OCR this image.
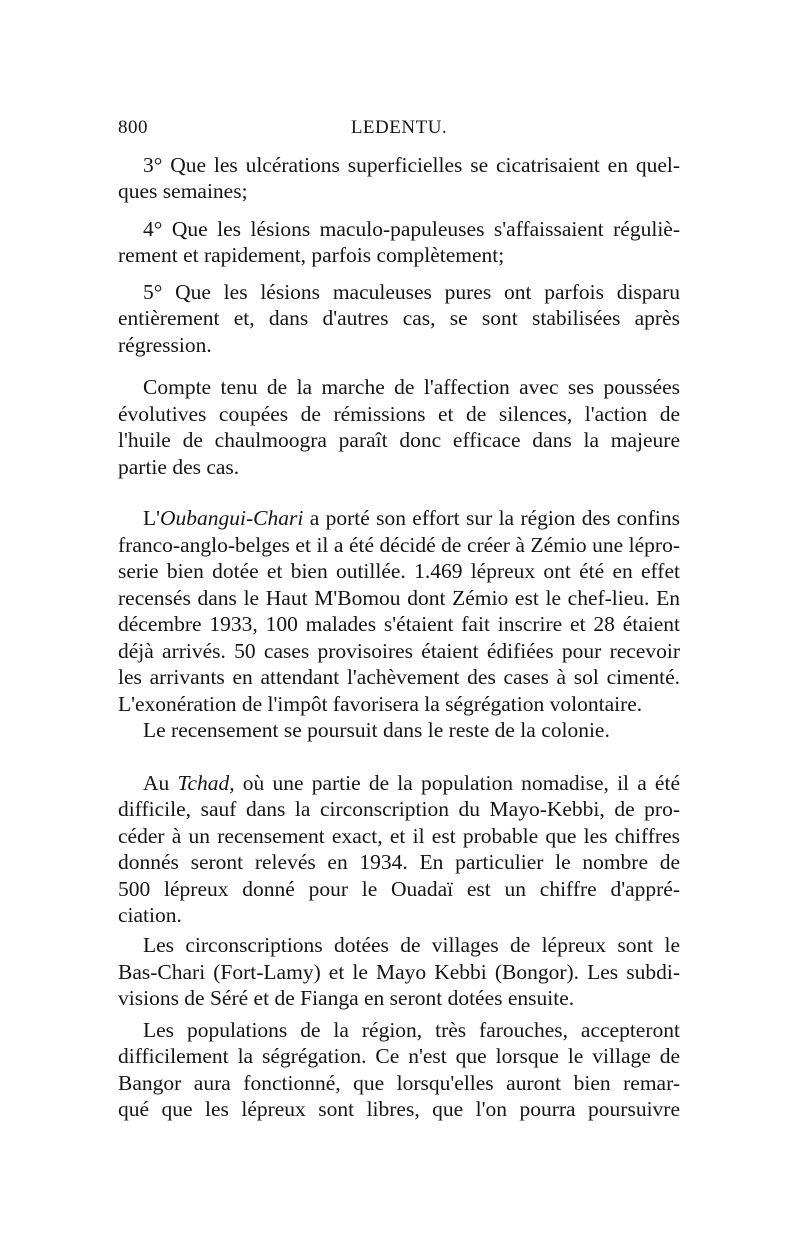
800	LEDENTU.
3° Que les ulcérations superficielles se cicatrisaient en quel-
ques semaines;
4° Que les lésions maculo-papuleuses s'affaissaient réguliè-
rement et rapidement, parfois complètement;
5° Que les lésions maculeuses pures ont parfois disparu
entièrement et, dans d'autres cas, se sont stabilisées après
régression.
Compte tenu de la marche de l'affection avec ses poussées
évolutives coupées de rémissions et de silences, l'action de
l'huile de chaulmoogra paraît donc efficace dans la majeure
partie des cas.
L'Oubangui-Chari a porté son effort sur la région des confins
franco-anglo-belges et il a été décidé de créer à Zémio une lépro-
serie bien dotée et bien outillée. 1.469 lépreux ont été en effet
recensés dans le Haut M'Bomou dont Zémio est le chef-lieu. En
décembre 1933, 100 malades s'étaient fait inscrire et 28 étaient
déjà arrivés. 50 cases provisoires étaient édifiées pour recevoir
les arrivants en attendant l'achèvement des cases à sol cimenté.
L'exonération de l'impôt favorisera la ségrégation volontaire.
Le recensement se poursuit dans le reste de la colonie.
Au Tchad, où une partie de la population nomadise, il a été
difficile, sauf dans la circonscription du Mayo-Kebbi, de pro-
céder à un recensement exact, et il est probable que les chiffres
donnés seront relevés en 1934. En particulier le nombre de
500 lépreux donné pour le Ouadaï est un chiffre d'appré-
ciation.
Les circonscriptions dotées de villages de lépreux sont le
Bas-Chari (Fort-Lamy) et le Mayo Kebbi (Bongor). Les subdi-
visions de Séré et de Fianga en seront dotées ensuite.
Les populations de la région, très farouches, accepteront
difficilement la ségrégation. Ce n'est que lorsque le village de
Bangor aura fonctionné, que lorsqu'elles auront bien remar-
qué que les lépreux sont libres, que l'on pourra poursuivre
